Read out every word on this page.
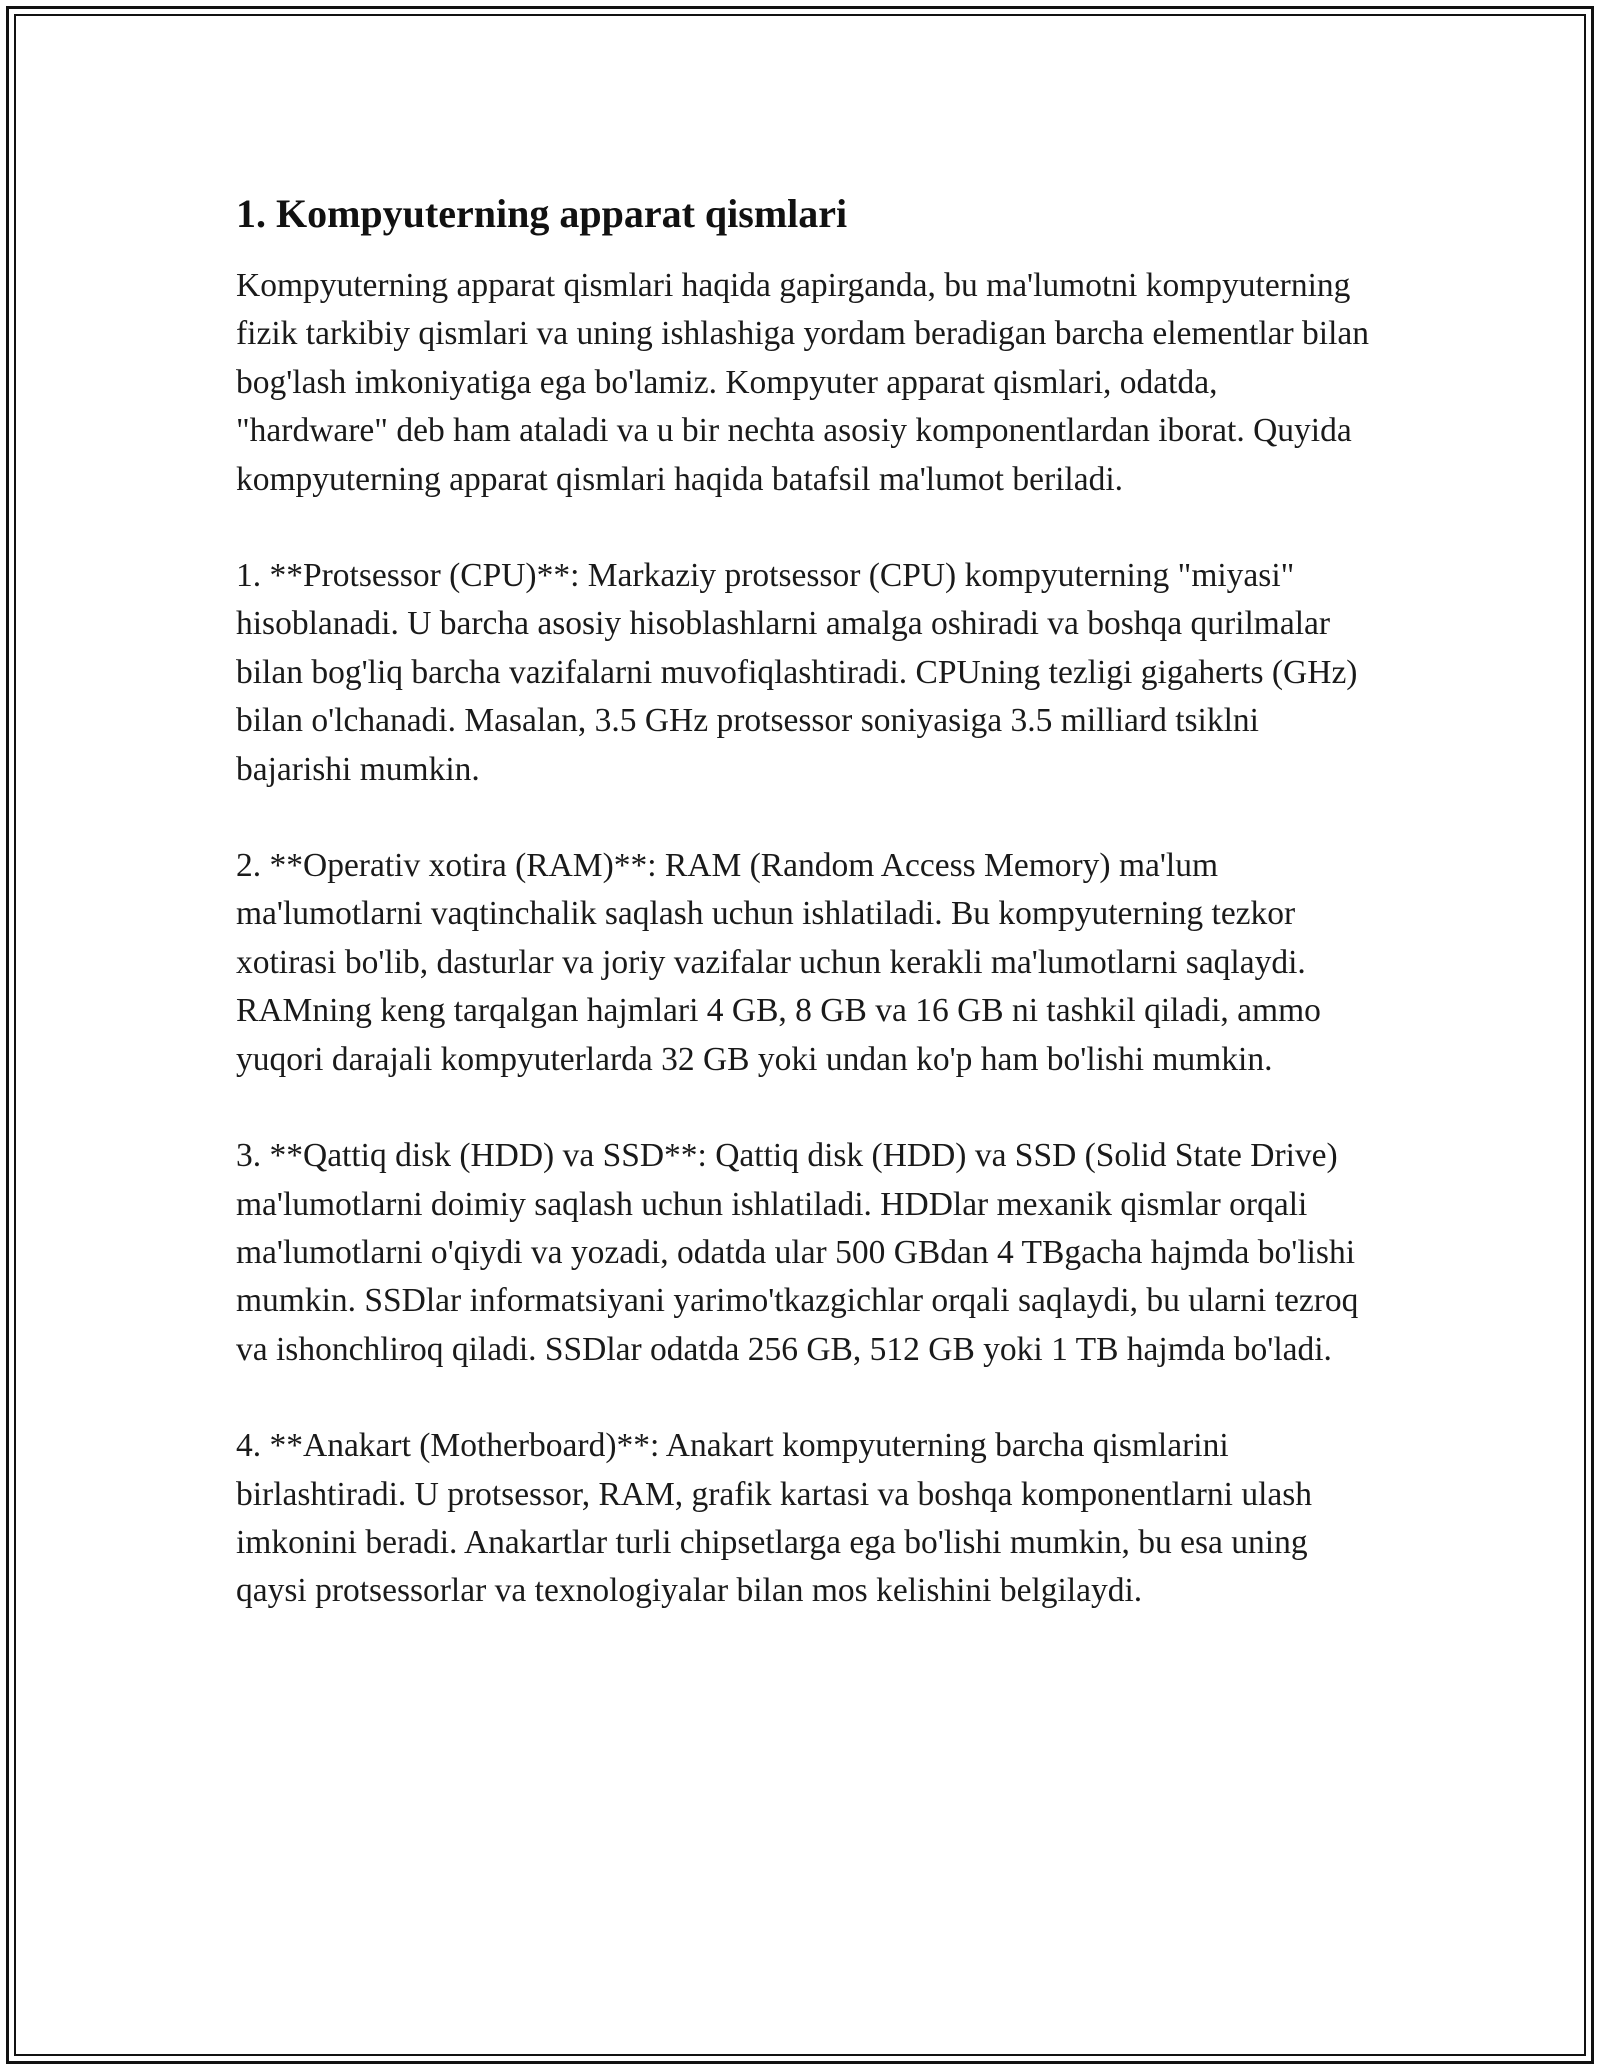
1. Kompyuterning apparat qismlari

Kompyuterning apparat qismlari haqida gapirganda, bu ma'lumotni kompyuterning fizik tarkibiy qismlari va uning ishlashiga yordam beradigan barcha elementlar bilan bog'lash imkoniyatiga ega bo'lamiz. Kompyuter apparat qismlari, odatda, "hardware" deb ham ataladi va u bir nechta asosiy komponentlardan iborat. Quyida kompyuterning apparat qismlari haqida batafsil ma'lumot beriladi.

1. **Protsessor (CPU)**: Markaziy protsessor (CPU) kompyuterning "miyasi" hisoblanadi. U barcha asosiy hisoblashlarni amalga oshiradi va boshqa qurilmalar bilan bog'liq barcha vazifalarni muvofiqlashtiradi. CPUning tezligi gigaherts (GHz) bilan o'lchanadi. Masalan, 3.5 GHz protsessor soniyasiga 3.5 milliard tsiklni bajarishi mumkin.

2. **Operativ xotira (RAM)**: RAM (Random Access Memory) ma'lum ma'lumotlarni vaqtinchalik saqlash uchun ishlatiladi. Bu kompyuterning tezkor xotirasi bo'lib, dasturlar va joriy vazifalar uchun kerakli ma'lumotlarni saqlaydi. RAMning keng tarqalgan hajmlari 4 GB, 8 GB va 16 GB ni tashkil qiladi, ammo yuqori darajali kompyuterlarda 32 GB yoki undan ko'p ham bo'lishi mumkin.

3. **Qattiq disk (HDD) va SSD**: Qattiq disk (HDD) va SSD (Solid State Drive) ma'lumotlarni doimiy saqlash uchun ishlatiladi. HDDlar mexanik qismlar orqali ma'lumotlarni o'qiydi va yozadi, odatda ular 500 GBdan 4 TBgacha hajmda bo'lishi mumkin. SSDlar informatsiyani yarimo'tkazgichlar orqali saqlaydi, bu ularni tezroq va ishonchliroq qiladi. SSDlar odatda 256 GB, 512 GB yoki 1 TB hajmda bo'ladi.

4. **Anakart (Motherboard)**: Anakart kompyuterning barcha qismlarini birlashtiradi. U protsessor, RAM, grafik kartasi va boshqa komponentlarni ulash imkonini beradi. Anakartlar turli chipsetlarga ega bo'lishi mumkin, bu esa uning qaysi protsessorlar va texnologiyalar bilan mos kelishini belgilaydi.
